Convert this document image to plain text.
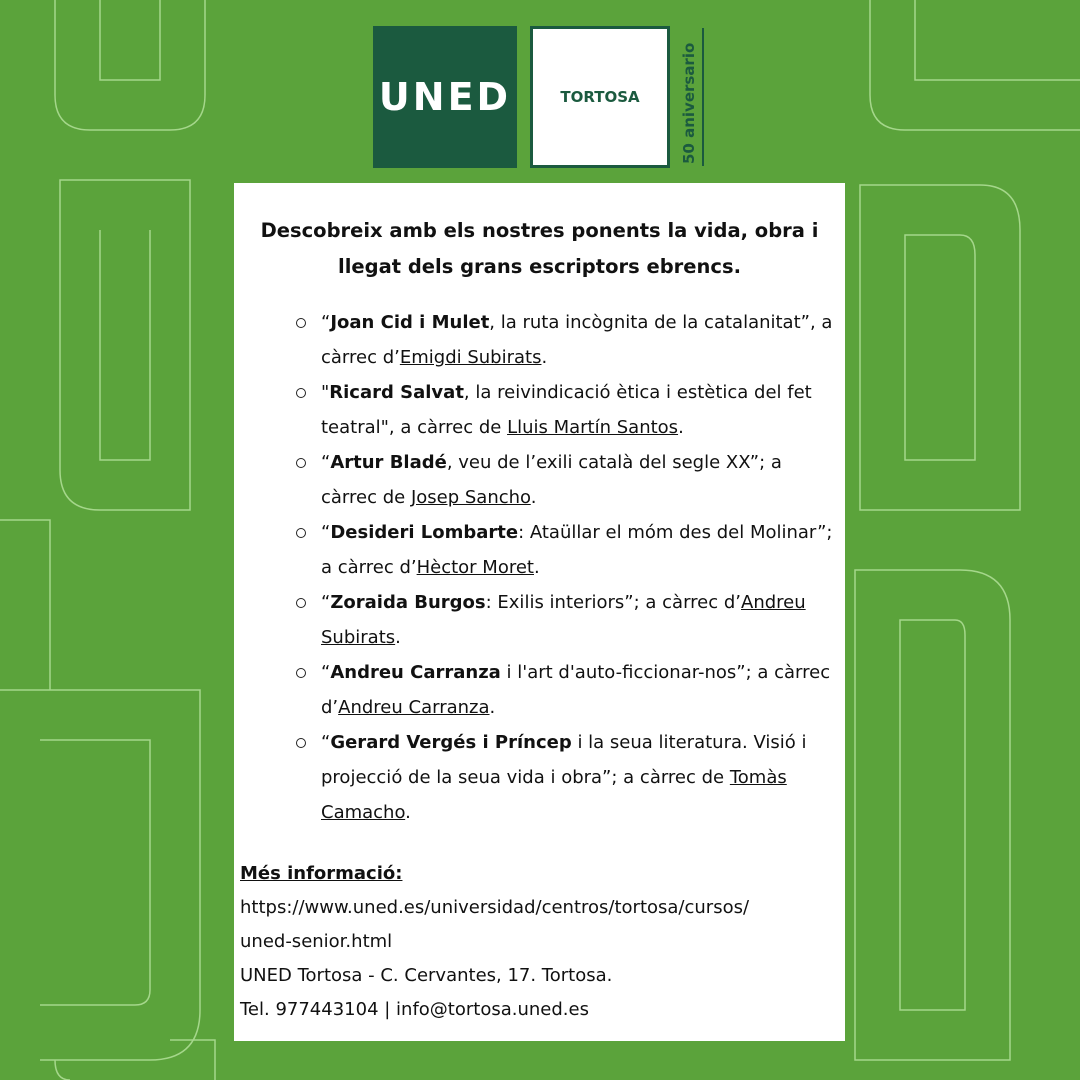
UNED	TORTOSA	50 aniversario
Descobreix amb els nostres ponents la vida, obra i llegat dels grans escriptors ebrencs.
“Joan Cid i Mulet, la ruta incògnita de la catalanitat”, a càrrec d’Emigdi Subirats.
"Ricard Salvat, la reivindicació ètica i estètica del fet teatral", a càrrec de Lluis Martín Santos.
“Artur Bladé, veu de l’exili català del segle XX”; a càrrec de Josep Sancho.
“Desideri Lombarte: Ataüllar el móm des del Molinar”; a càrrec d’Hèctor Moret.
“Zoraida Burgos: Exilis interiors”; a càrrec d’Andreu Subirats.
“Andreu Carranza i l'art d'auto-ficcionar-nos”; a càrrec d’Andreu Carranza.
“Gerard Vergés i Príncep i la seua literatura. Visió i projecció de la seua vida i obra”; a càrrec de Tomàs Camacho.
Més informació:
https://www.uned.es/universidad/centros/tortosa/cursos/
uned-senior.html
UNED Tortosa - C. Cervantes, 17. Tortosa.
Tel. 977443104 | info@tortosa.uned.es
